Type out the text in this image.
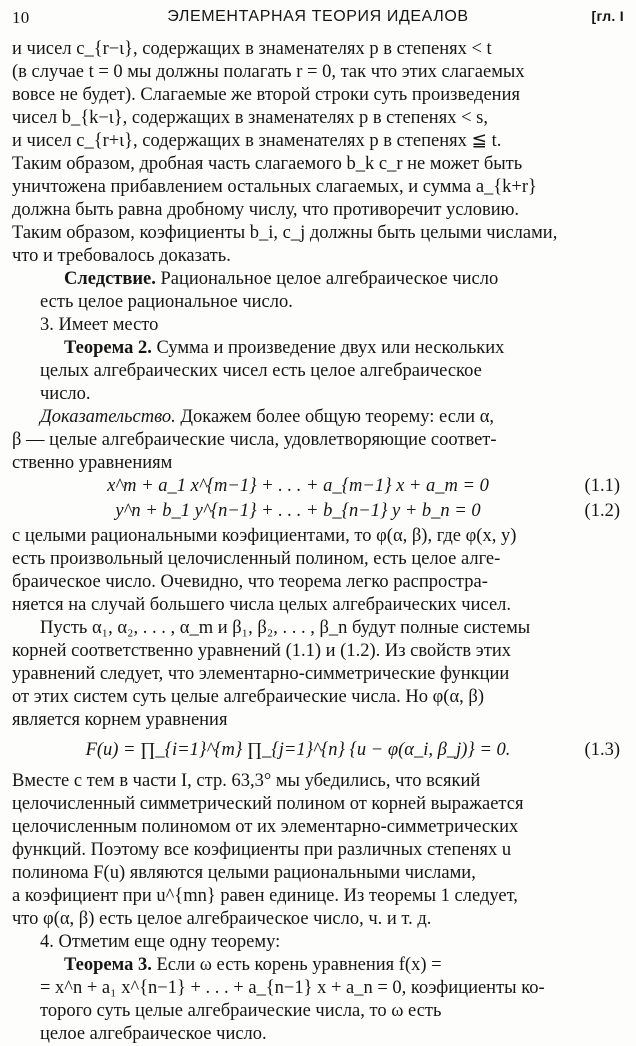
10	ЭЛЕМЕНТАРНАЯ ТЕОРИЯ ИДЕАЛОВ	[гл. I
и чисел c_{r−ι}, содержащих в знаменателях p в степенях < t
(в случае t = 0 мы должны полагать r = 0, так что этих слагаемых
вовсе не будет). Слагаемые же второй строки суть произведения
чисел b_{k−ι}, содержащих в знаменателях p в степенях < s,
и чисел c_{r+ι}, содержащих в знаменателях p в степенях ≦ t.
Таким образом, дробная часть слагаемого b_k c_r не может быть
уничтожена прибавлением остальных слагаемых, и сумма a_{k+r}
должна быть равна дробному числу, что противоречит условию.
Таким образом, коэфициенты b_i, c_j должны быть целыми числами,
что и требовалось доказать.
Следствие. Рациональное целое алгебраическое число
есть целое рациональное число.
3. Имеет место
Теорема 2. Сумма и произведение двух или нескольких
целых алгебраических чисел есть целое алгебраическое
число.
Доказательство. Докажем более общую теорему: если α,
β — целые алгебраические числа, удовлетворяющие соответ-
ственно уравнениям
x^m + a_1 x^{m−1} + . . . + a_{m−1} x + a_m = 0	(1.1)
y^n + b_1 y^{n−1} + . . . + b_{n−1} y + b_n = 0	(1.2)
с целыми рациональными коэфициентами, то φ(α, β), где φ(x, y)
есть произвольный целочисленный полином, есть целое алге-
браическое число. Очевидно, что теорема легко распростра-
няется на случай большего числа целых алгебраических чисел.
Пусть α₁, α₂, . . . , α_m и β₁, β₂, . . . , β_n будут полные системы
корней соответственно уравнений (1.1) и (1.2). Из свойств этих
уравнений следует, что элементарно-симметрические функции
от этих систем суть целые алгебраические числа. Но φ(α, β)
является корнем уравнения
F(u) = ∏_{i=1}^{m} ∏_{j=1}^{n} {u − φ(α_i, β_j)} = 0.	(1.3)
Вместе с тем в части I, стр. 63,3° мы убедились, что всякий
целочисленный симметрический полином от корней выражается
целочисленным полиномом от их элементарно-симметрических
функций. Поэтому все коэфициенты при различных степенях u
полинома F(u) являются целыми рациональными числами,
а коэфициент при u^{mn} равен единице. Из теоремы 1 следует,
что φ(α, β) есть целое алгебраическое число, ч. и т. д.
4. Отметим еще одну теорему:
Теорема 3. Если ω есть корень уравнения f(x) =
= x^n + a₁ x^{n−1} + . . . + a_{n−1} x + a_n = 0, коэфициенты ко-
торого суть целые алгебраические числа, то ω есть
целое алгебраическое число.
